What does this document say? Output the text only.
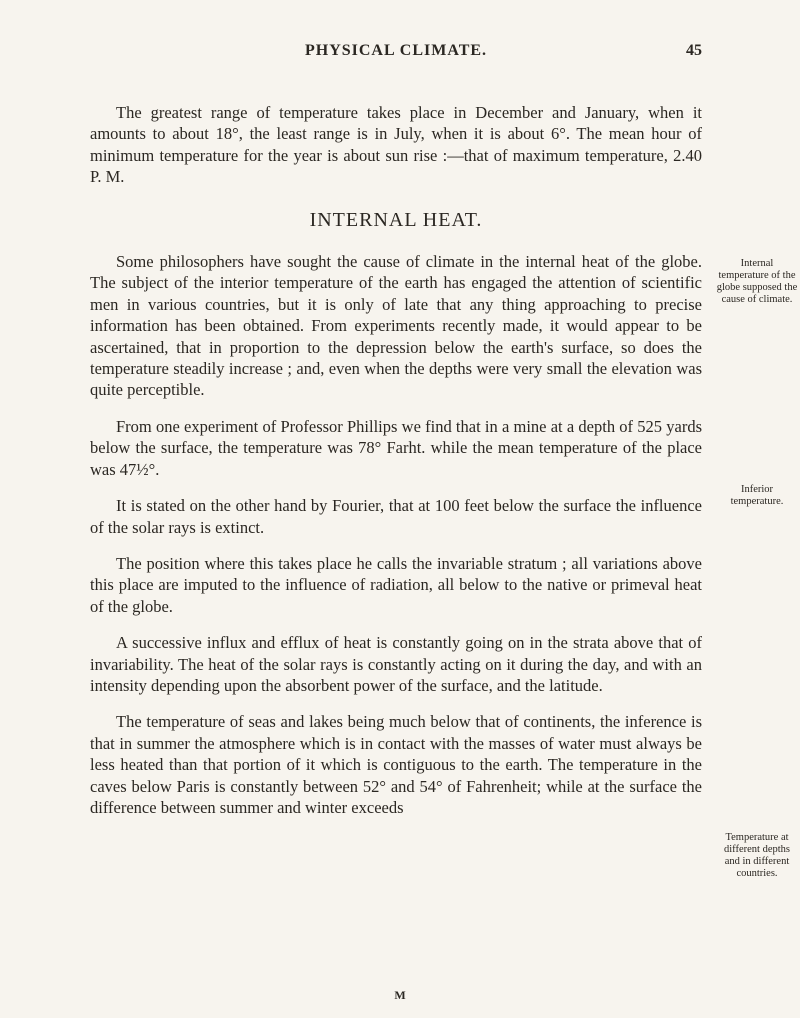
PHYSICAL CLIMATE.	45

The greatest range of temperature takes place in December and January, when it amounts to about 18°, the least range is in July, when it is about 6°. The mean hour of minimum temperature for the year is about sun rise :—that of maximum temperature, 2.40 P. M.

INTERNAL HEAT.

Some philosophers have sought the cause of climate in the internal heat of the globe. The subject of the interior temperature of the earth has engaged the attention of scientific men in various countries, but it is only of late that any thing approaching to precise information has been obtained. From experiments recently made, it would appear to be ascertained, that in proportion to the depression below the earth's surface, so does the temperature steadily increase ; and, even when the depths were very small the elevation was quite perceptible.

From one experiment of Professor Phillips we find that in a mine at a depth of 525 yards below the surface, the temperature was 78° Farht. while the mean temperature of the place was 47½°.

It is stated on the other hand by Fourier, that at 100 feet below the surface the influence of the solar rays is extinct.

The position where this takes place he calls the invariable stratum ; all variations above this place are imputed to the influence of radiation, all below to the native or primeval heat of the globe.

A successive influx and efflux of heat is constantly going on in the strata above that of invariability. The heat of the solar rays is constantly acting on it during the day, and with an intensity depending upon the absorbent power of the surface, and the latitude.

The temperature of seas and lakes being much below that of continents, the inference is that in summer the atmosphere which is in contact with the masses of water must always be less heated than that portion of it which is contiguous to the earth. The temperature in the caves below Paris is constantly between 52° and 54° of Fahrenheit; while at the surface the difference between summer and winter exceeds

Internal temperature of the globe supposed the cause of climate.
Inferior temperature.
Temperature at different depths and in different countries.
M
